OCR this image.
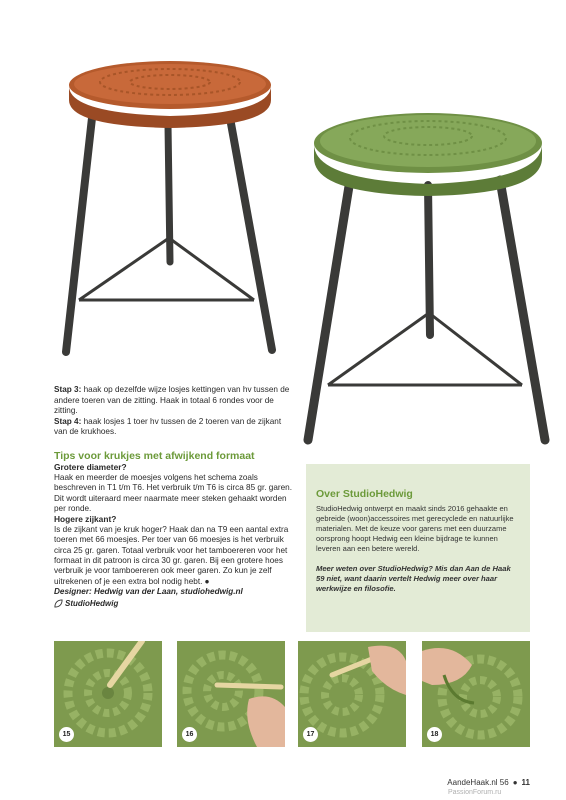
Stap 3: haak op dezelfde wijze losjes kettingen van hv tussen de andere toeren van de zitting. Haak in totaal 6 rondes voor de zitting.

Stap 4: haak losjes 1 toer hv tussen de 2 toeren van de zijkant van de krukhoes.

Tips voor krukjes met afwijkend formaat
Grotere diameter?

Haak en meerder de moesjes volgens het schema zoals beschreven in T1 t/m T6. Het verbruik t/m T6 is circa 85 gr. garen. Dit wordt uiteraard meer naarmate meer steken gehaakt worden per ronde.

Hogere zijkant?

Is de zijkant van je kruk hoger? Haak dan na T9 een aantal extra toeren met 66 moesjes. Per toer van 66 moesjes is het verbruik circa 25 gr. garen. Totaal verbruik voor het tamboereren voor het formaat in dit patroon is circa 30 gr. garen. Bij een grotere hoes verbruik je voor tamboereren ook meer garen. Zo kun je zelf uitrekenen of je een extra bol nodig hebt. ●

Designer: Hedwig van der Laan, studiohedwig.nl

StudioHedwig
Over StudioHedwig

StudioHedwig ontwerpt en maakt sinds 2016 gehaakte en gebreide (woon)accessoires met gerecyclede en natuurlijke materialen. Met de keuze voor garens met een duurzame oorsprong hoopt Hedwig een kleine bijdrage te kunnen leveren aan een betere wereld.

Meer weten over StudioHedwig? Mis dan Aan de Haak 59 niet, want daarin vertelt Hedwig meer over haar werkwijze en filosofie.

15	16	17	18
AandeHaak.nl 56 ● 11
PassionForum.ru
